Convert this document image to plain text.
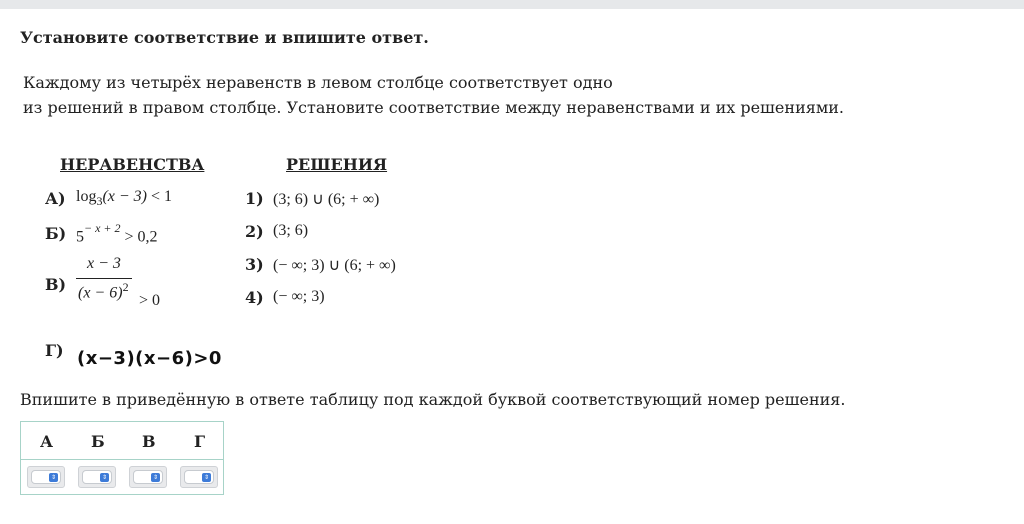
Установите соответствие и впишите ответ.
Каждому из четырёх неравенств в левом столбце соответствует одно
из решений в правом столбце. Установите соответствие между неравенствами и их решениями.
НЕРАВЕНСТВА	РЕШЕНИЯ
А) $\log_3(x - 3) < 1$
Б) $5^{- x + 2} > 0,2$
В)
x − 3
$(x - 6)^2$
> 0
Г) (x−3)(x−6)>0
1) (3; 6) ∪ (6; + ∞)
2) (3; 6)
3) (− ∞; 3) ∪ (6; + ∞)
4) (− ∞; 3)
Впишите в приведённую в ответе таблицу под каждой буквой соответствующий номер решения.
А Б В Г
⇕	⇕	⇕	⇕
